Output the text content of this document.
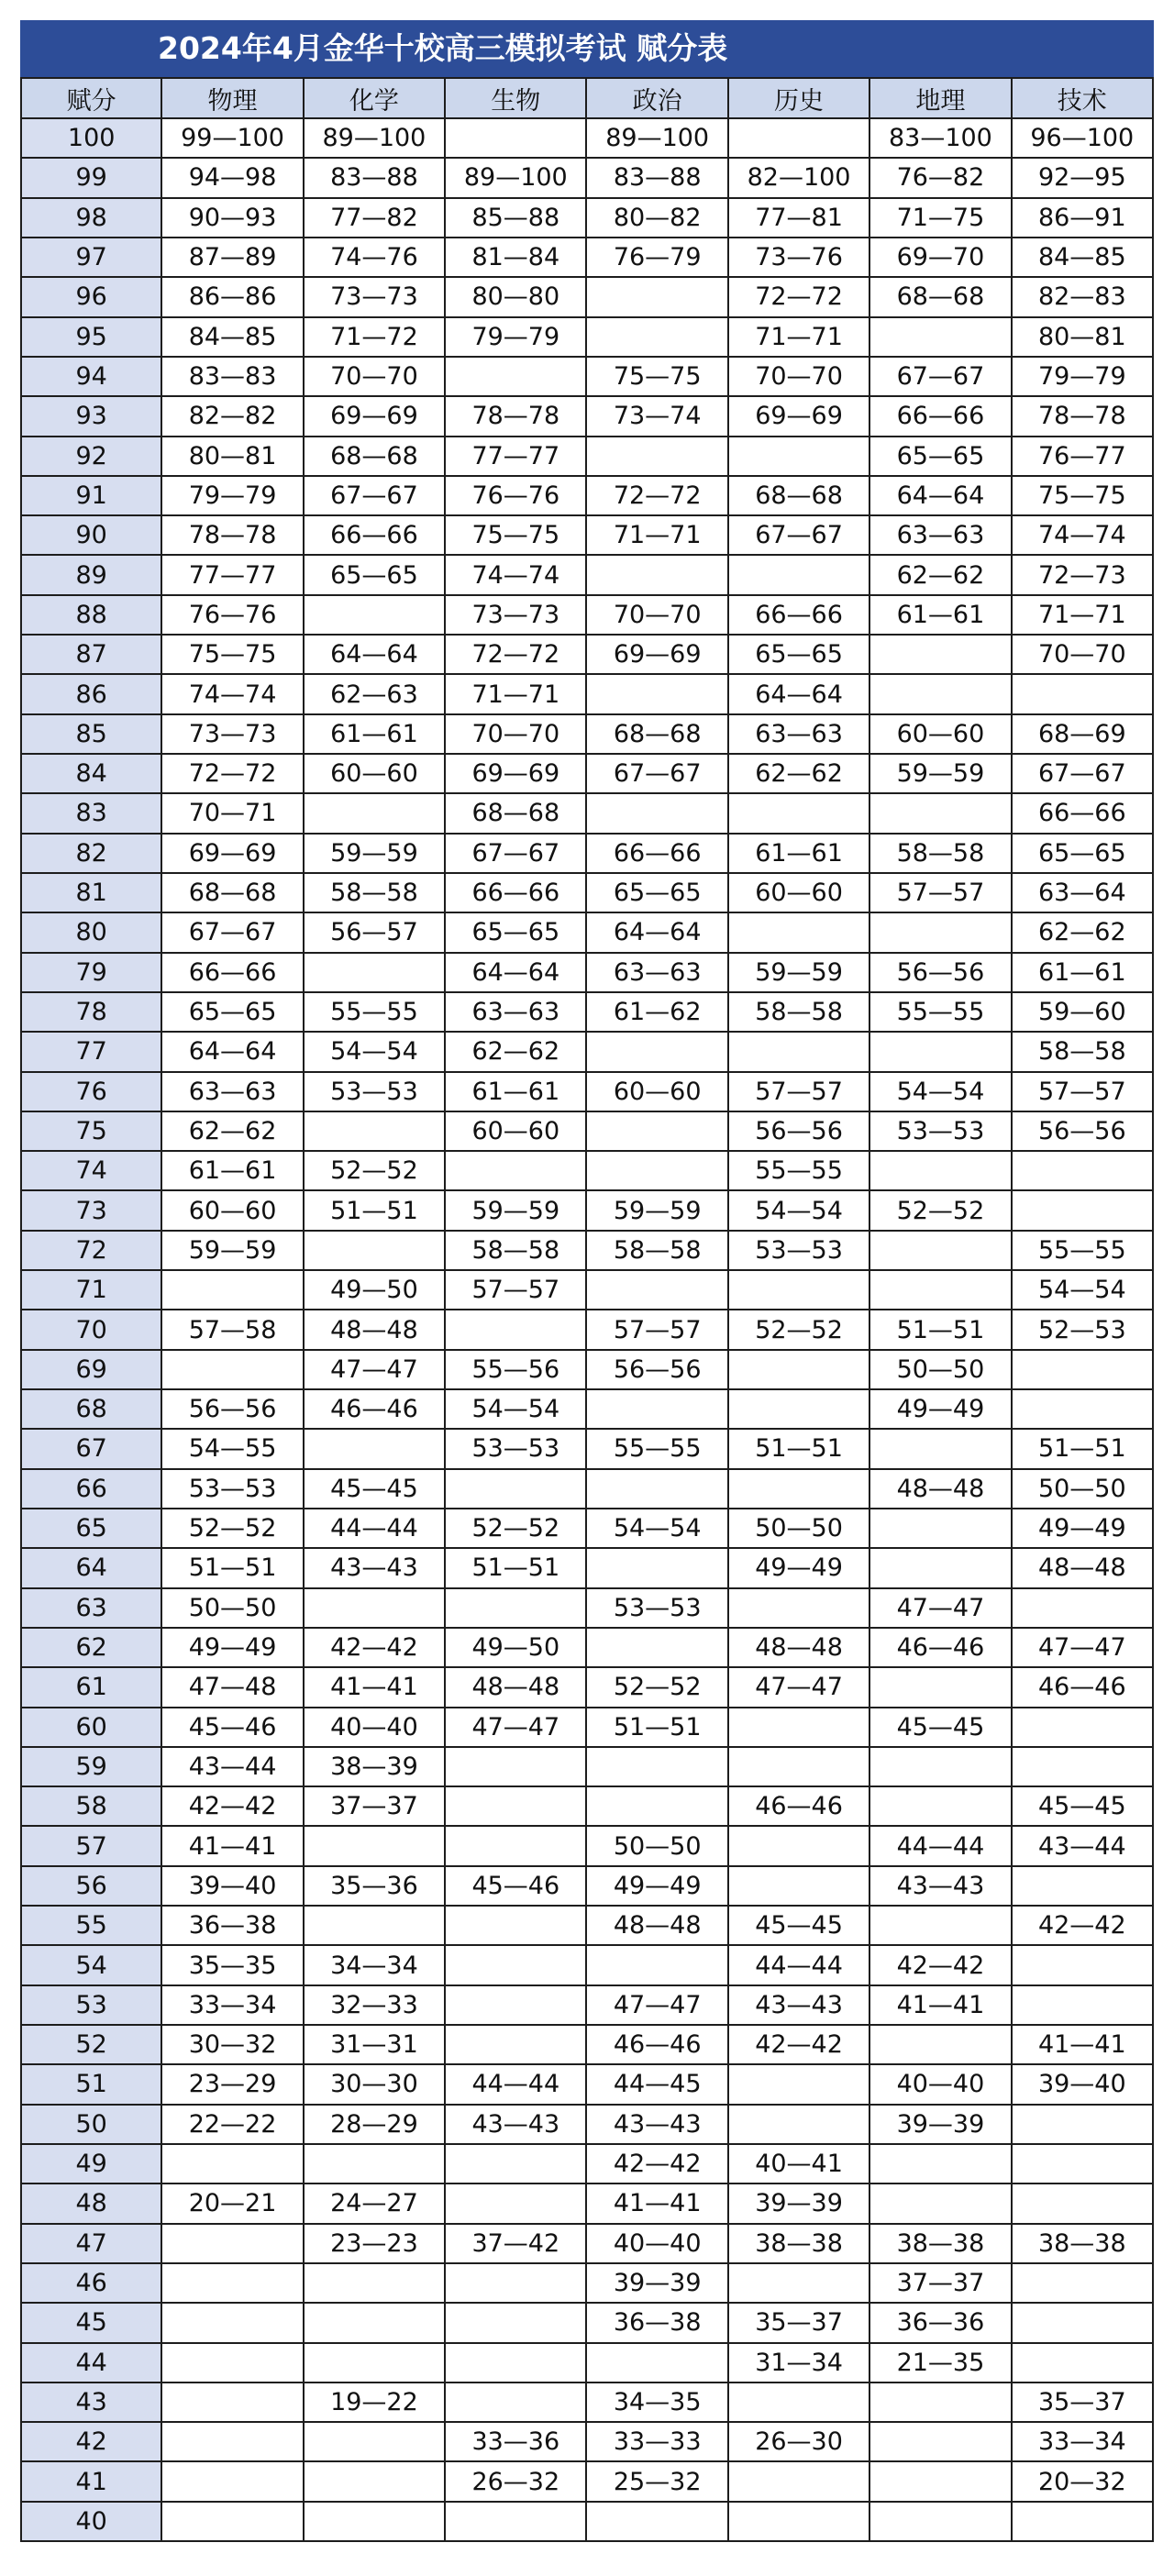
2024年4月金华十校高三模拟考试 赋分表
赋分	物理	化学	生物	政治	历史	地理	技术
100	99—100	89—100		89—100		83—100	96—100
99	94—98	83—88	89—100	83—88	82—100	76—82	92—95
98	90—93	77—82	85—88	80—82	77—81	71—75	86—91
97	87—89	74—76	81—84	76—79	73—76	69—70	84—85
96	86—86	73—73	80—80		72—72	68—68	82—83
95	84—85	71—72	79—79		71—71		80—81
94	83—83	70—70		75—75	70—70	67—67	79—79
93	82—82	69—69	78—78	73—74	69—69	66—66	78—78
92	80—81	68—68	77—77			65—65	76—77
91	79—79	67—67	76—76	72—72	68—68	64—64	75—75
90	78—78	66—66	75—75	71—71	67—67	63—63	74—74
89	77—77	65—65	74—74			62—62	72—73
88	76—76		73—73	70—70	66—66	61—61	71—71
87	75—75	64—64	72—72	69—69	65—65		70—70
86	74—74	62—63	71—71		64—64		
85	73—73	61—61	70—70	68—68	63—63	60—60	68—69
84	72—72	60—60	69—69	67—67	62—62	59—59	67—67
83	70—71		68—68				66—66
82	69—69	59—59	67—67	66—66	61—61	58—58	65—65
81	68—68	58—58	66—66	65—65	60—60	57—57	63—64
80	67—67	56—57	65—65	64—64			62—62
79	66—66		64—64	63—63	59—59	56—56	61—61
78	65—65	55—55	63—63	61—62	58—58	55—55	59—60
77	64—64	54—54	62—62				58—58
76	63—63	53—53	61—61	60—60	57—57	54—54	57—57
75	62—62		60—60		56—56	53—53	56—56
74	61—61	52—52			55—55		
73	60—60	51—51	59—59	59—59	54—54	52—52	
72	59—59		58—58	58—58	53—53		55—55
71		49—50	57—57				54—54
70	57—58	48—48		57—57	52—52	51—51	52—53
69		47—47	55—56	56—56		50—50	
68	56—56	46—46	54—54			49—49	
67	54—55		53—53	55—55	51—51		51—51
66	53—53	45—45				48—48	50—50
65	52—52	44—44	52—52	54—54	50—50		49—49
64	51—51	43—43	51—51		49—49		48—48
63	50—50			53—53		47—47	
62	49—49	42—42	49—50		48—48	46—46	47—47
61	47—48	41—41	48—48	52—52	47—47		46—46
60	45—46	40—40	47—47	51—51		45—45	
59	43—44	38—39					
58	42—42	37—37			46—46		45—45
57	41—41			50—50		44—44	43—44
56	39—40	35—36	45—46	49—49		43—43	
55	36—38			48—48	45—45		42—42
54	35—35	34—34			44—44	42—42	
53	33—34	32—33		47—47	43—43	41—41	
52	30—32	31—31		46—46	42—42		41—41
51	23—29	30—30	44—44	44—45		40—40	39—40
50	22—22	28—29	43—43	43—43		39—39	
49				42—42	40—41		
48	20—21	24—27		41—41	39—39		
47		23—23	37—42	40—40	38—38	38—38	38—38
46				39—39		37—37	
45				36—38	35—37	36—36	
44					31—34	21—35	
43		19—22		34—35			35—37
42			33—36	33—33	26—30		33—34
41			26—32	25—32			20—32
40							
